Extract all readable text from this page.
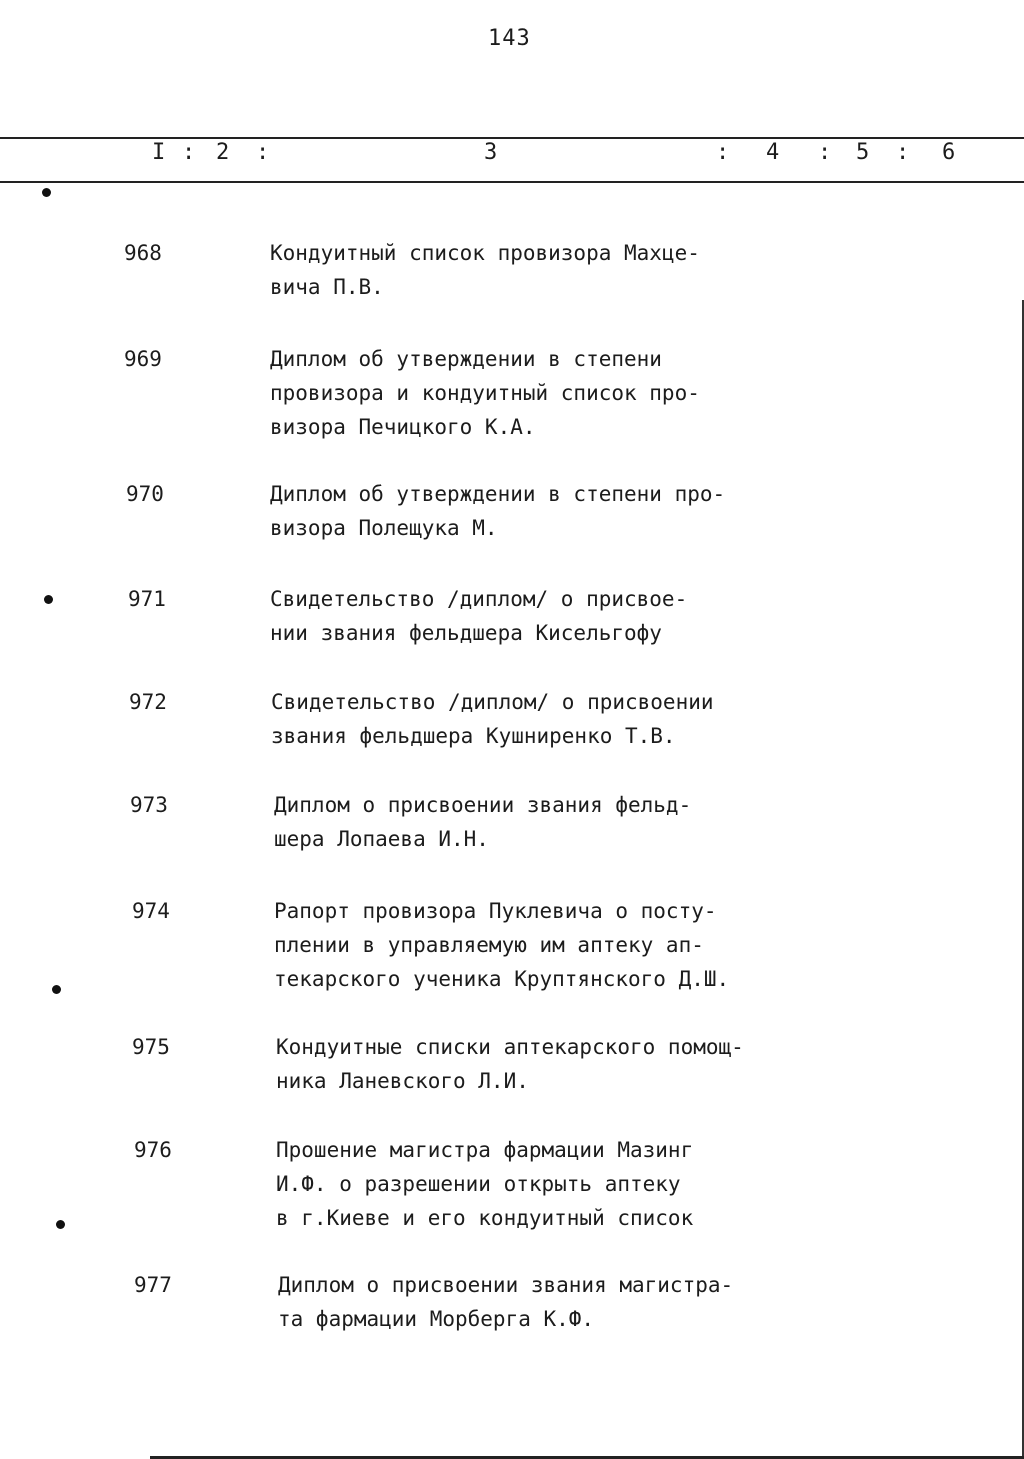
143
I : 2 :	3	: 4 : 5 : 6
968	Кондуитный список провизора Махце-
вича П.В.
969	Диплом об утверждении в степени
провизора и кондуитный список про-
визора Печицкого К.А.
970	Диплом об утверждении в степени про-
визора Полещука М.
971	Свидетельство /диплом/ о присвое-
нии звания фельдшера Кисельгофу
972	Свидетельство /диплом/ о присвоении
звания фельдшера Кушниренко Т.В.
973	Диплом о присвоении звания фельд-
шера Лопаева И.Н.
974	Рапорт провизора Пуклевича о посту-
плении в управляемую им аптеку ап-
текарского ученика Круптянского Д.Ш.
975	Кондуитные списки аптекарского помощ-
ника Ланевского Л.И.
976	Прошение магистра фармации Мазинг
И.Ф. о разрешении открыть аптеку
в г.Киеве и его кондуитный список
977	Диплом о присвоении звания магистра-
та фармации Морберга К.Ф.
